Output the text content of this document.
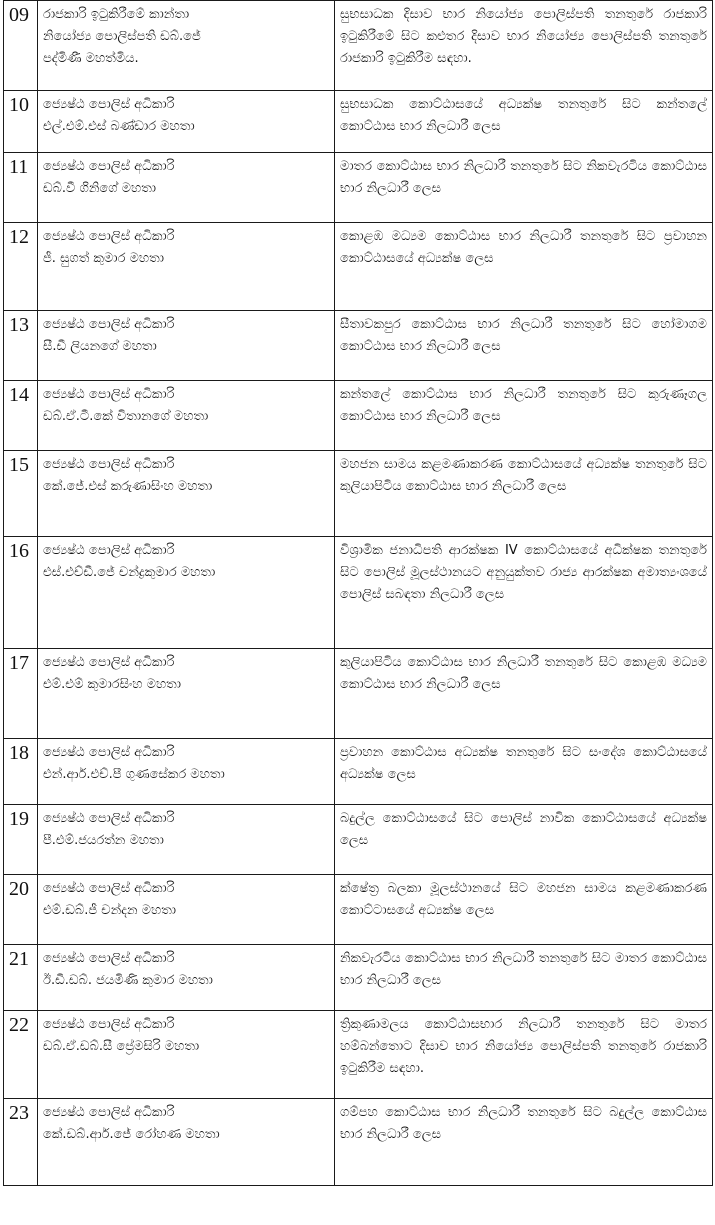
09	රාජකාරි ඉටුකිරීමේ කාන්තා
නියෝජ්‍ය පොලිස්පති ඩබ්.ජේ
පද්මිණී මහත්මිය.	සුභසාධක දිසාව භාර නියෝජ්‍ය පොලිස්පති තනතුරේ රාජකාරි ඉටුකිරීමේ සිට කළුතර දිසාව භාර නියෝජ්‍ය පොලිස්පති තනතුරේ රාජකාරි ඉටුකිරීම සඳහා.

10	ජ්‍යෙෂ්ඨ පොලිස් අධිකාරි
එල්.එම්.එස් බණ්ඩාර මහතා	සුභසාධක කොට්ඨාසයේ අධ්‍යක්ෂ තනතුරේ සිට කන්තලේ කොට්ඨාස භාර නිලධාරී ලෙස

11	ජ්‍යෙෂ්ඨ පොලිස් අධිකාරි
ඩබ්.වී ගිනිගේ මහතා	මාතර කොට්ඨාස භාර නිලධාරී තනතුරේ සිට නිකවැරටිය කොට්ඨාස භාර නිලධාරී ලෙස

12	ජ්‍යෙෂ්ඨ පොලිස් අධිකාරි
ජී. සුගත් කුමාර මහතා	කොළඹ මධ්‍යම කොට්ඨාස භාර නිලධාරී තනතුරේ සිට ප්‍රවාහන කොට්ඨාසයේ අධ්‍යක්ෂ ලෙස

13	ජ්‍යෙෂ්ඨ පොලිස් අධිකාරි
සී.ඩී ලියනගේ මහතා	සීතාවකපුර කොට්ඨාස භාර නිලධාරී තනතුරේ සිට හෝමාගම කොට්ඨාස භාර නිලධාරී ලෙස

14	ජ්‍යෙෂ්ඨ පොලිස් අධිකාරි
ඩබ්.ඒ.ටී.කේ විතානගේ මහතා	කන්තලේ කොට්ඨාස භාර නිලධාරී තනතුරේ සිට කුරුණෑගල කොට්ඨාස භාර නිලධාරී ලෙස

15	ජ්‍යෙෂ්ඨ පොලිස් අධිකාරි
කේ.ජේ.එස් කරුණාසිංහ මහතා	මහජන සාමය කළමණාකරණ කොට්ඨාසයේ අධ්‍යක්ෂ තනතුරේ සිට කුලියාපිටිය කොට්ඨාස භාර නිලධාරී ලෙස

16	ජ්‍යෙෂ්ඨ පොලිස් අධිකාරි
එස්.එච්ඩී.ජේ චන්ද්‍රකුමාර මහතා	විශ්‍රාමික ජනාධිපති ආරක්ෂක IV කොට්ඨාසයේ අධික්ෂක තනතුරේ සිට පොලිස් මූලස්ථානයට අනුයුක්තව රාජ්‍ය ආරක්ෂක අමාත්‍යංශයේ පොලිස් සබඳතා නිලධාරී ලෙස

17	ජ්‍යෙෂ්ඨ පොලිස් අධිකාරි
එම්.එම් කුමාරසිංහ මහතා	කුලියාපිටිය කොට්ඨාස භාර නිලධාරී තනතුරේ සිට කොළඹ මධ්‍යම කොට්ඨාස භාර නිලධාරී ලෙස

18	ජ්‍යෙෂ්ඨ පොලිස් අධිකාරි
එන්.ආර්.එච්.පී ගුණසේකර මහතා	ප්‍රවාහන කොට්ඨාස අධ්‍යක්ෂ තනතුරේ සිට සංදේශ කොට්ඨාසයේ අධ්‍යක්ෂ ලෙස

19	ජ්‍යෙෂ්ඨ පොලිස් අධිකාරි
පී.එම්.ජයරත්න මහතා	බදුල්ල කොට්ඨාසයේ සිට පොලිස් නාවික කොට්ඨාසයේ අධ්‍යක්ෂ ලෙස

20	ජ්‍යෙෂ්ඨ පොලිස් අධිකාරි
එම්.ඩබ්.ජී චන්දන මහතා	ක්ෂේත්‍ර බලකා මූලස්ථානයේ සිට මහජන සාමය කළමණාකරණ කොට්ටාසයේ අධ්‍යක්ෂ ලෙස

21	ජ්‍යෙෂ්ඨ පොලිස් අධිකාරි
ඊ.ඩී.ඩබ්. ජයමිණි කුමාර මහතා	නිකවැරටිය කොට්ඨාස භාර නිලධාරී තනතුරේ සිට මාතර කොට්ඨාස භාර නිලධාරී ලෙස

22	ජ්‍යෙෂ්ඨ පොලිස් අධිකාරි
ඩබ්.ඒ.ඩබ්.සී ප්‍රේමසිරි මහතා	ත්‍රිකුණාමලය කොට්ඨාසභාර නිලධාරී තනතුරේ සිට මාතර හම්බන්තොට දිසාව භාර නියෝජ්‍ය පොලිස්පති තනතුරේ රාජකාරි ඉටුකිරීම සඳහා.

23	ජ්‍යෙෂ්ඨ පොලිස් අධිකාරි
කේ.ඩබ්.ආර්.ජේ රෝහණ මහතා	ගම්පහ කොට්ඨාස භාර නිලධාරී තනතුරේ සිට බදුල්ල කොට්ඨාස භාර නිලධාරී ලෙස
